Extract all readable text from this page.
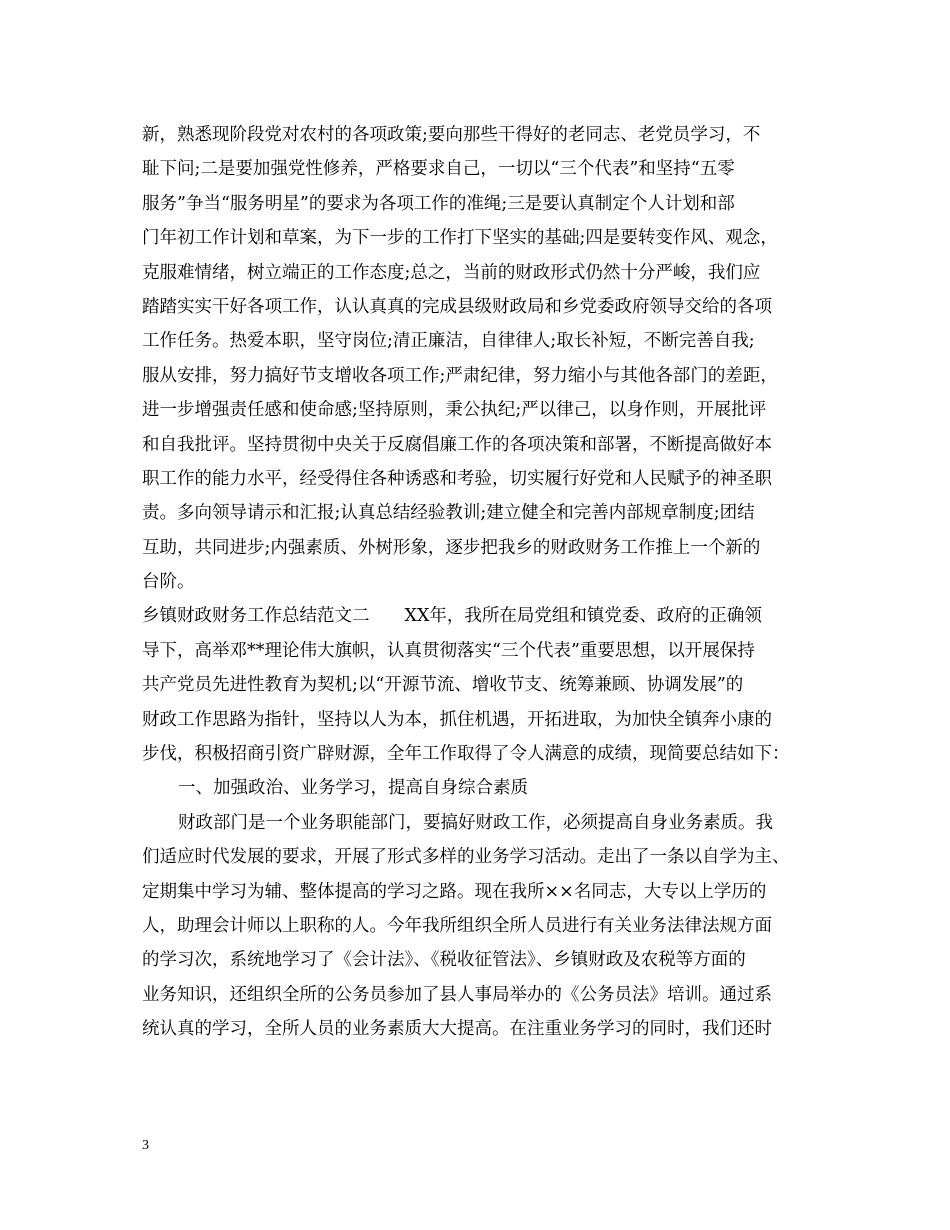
新，熟悉现阶段党对农村的各项政策;要向那些干得好的老同志、老党员学习，不
耻下问;二是要加强党性修养，严格要求自己，一切以“三个代表”和坚持“五零
服务”争当“服务明星”的要求为各项工作的准绳;三是要认真制定个人计划和部
门年初工作计划和草案，为下一步的工作打下坚实的基础;四是要转变作风、观念，
克服难情绪，树立端正的工作态度;总之，当前的财政形式仍然十分严峻，我们应
踏踏实实干好各项工作，认认真真的完成县级财政局和乡党委政府领导交给的各项
工作任务。热爱本职，坚守岗位;清正廉洁，自律律人;取长补短，不断完善自我;
服从安排，努力搞好节支增收各项工作;严肃纪律，努力缩小与其他各部门的差距，
进一步增强责任感和使命感;坚持原则，秉公执纪;严以律己，以身作则，开展批评
和自我批评。坚持贯彻中央关于反腐倡廉工作的各项决策和部署，不断提高做好本
职工作的能力水平，经受得住各种诱惑和考验，切实履行好党和人民赋予的神圣职
责。多向领导请示和汇报;认真总结经验教训;建立健全和完善内部规章制度;团结
互助，共同进步;内强素质、外树形象，逐步把我乡的财政财务工作推上一个新的
台阶。
乡镇财政财务工作总结范文二　　XX年，我所在局党组和镇党委、政府的正确领
导下，高举邓**理论伟大旗帜，认真贯彻落实“三个代表”重要思想，以开展保持
共产党员先进性教育为契机;以“开源节流、增收节支、统筹兼顾、协调发展”的
财政工作思路为指针，坚持以人为本，抓住机遇，开拓进取，为加快全镇奔小康的
步伐，积极招商引资广辟财源，全年工作取得了令人满意的成绩，现简要总结如下：
一、加强政治、业务学习，提高自身综合素质
财政部门是一个业务职能部门，要搞好财政工作，必须提高自身业务素质。我
们适应时代发展的要求，开展了形式多样的业务学习活动。走出了一条以自学为主、
定期集中学习为辅、整体提高的学习之路。现在我所××名同志，大专以上学历的
人，助理会计师以上职称的人。今年我所组织全所人员进行有关业务法律法规方面
的学习次，系统地学习了《会计法》、《税收征管法》、乡镇财政及农税等方面的
业务知识，还组织全所的公务员参加了县人事局举办的《公务员法》培训。通过系
统认真的学习，全所人员的业务素质大大提高。在注重业务学习的同时，我们还时
3
